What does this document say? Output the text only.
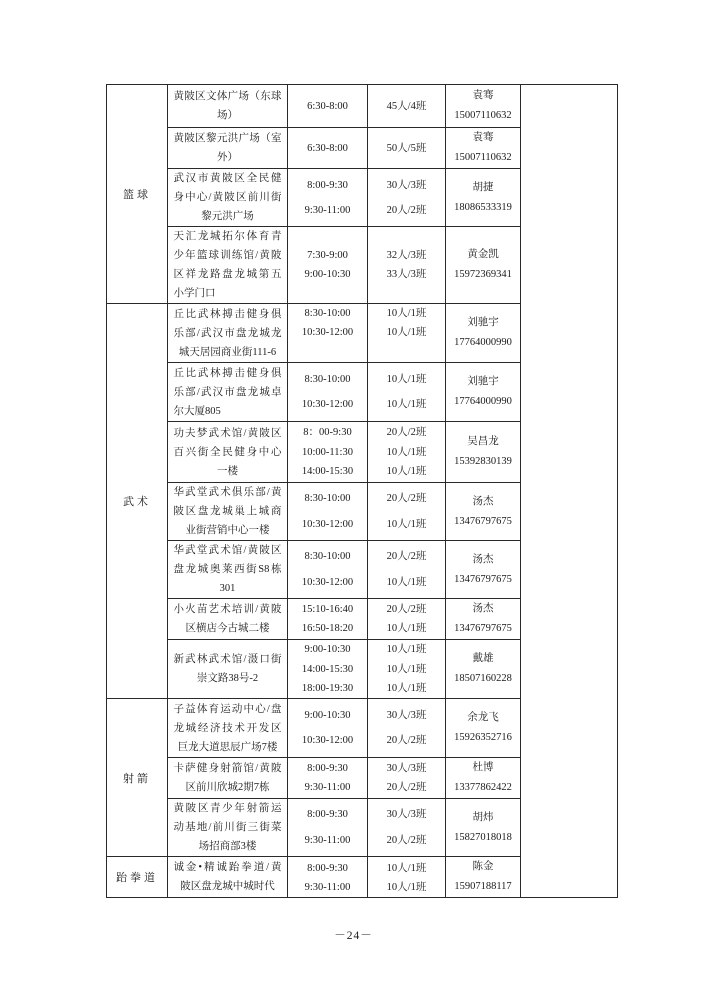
篮球	黄陂区文体广场（东球
场）	6:30-8:00	45人/4班	袁骞
15007110632	

	黄陂区黎元洪广场（室
外）	6:30-8:00	50人/5班	袁骞
15007110632	

	武汉市黄陂区全民健
身中心/黄陂区前川街
黎元洪广场	8:00-9:30
9:30-11:00	30人/3班
20人/2班	胡捷
18086533319	

	天汇龙城拓尔体育青
少年篮球训练馆/黄陂
区祥龙路盘龙城第五
小学门口	7:30-9:00
9:00-10:30	32人/3班
33人/3班	黄金凯
15972369341	

武术	丘比武林搏击健身俱
乐部/武汉市盘龙城龙
城天居园商业街111-6	8:30-10:00
10:30-12:00	10人/1班
10人/1班	刘驰宇
17764000990	

	丘比武林搏击健身俱
乐部/武汉市盘龙城卓
尔大厦805	8:30-10:00
10:30-12:00	10人/1班
10人/1班	刘驰宇
17764000990	

	功夫梦武术馆/黄陂区
百兴街全民健身中心
一楼	8：00-9:30
10:00-11:30
14:00-15:30	20人/2班
10人/1班
10人/1班	吴昌龙
15392830139	

	华武堂武术俱乐部/黄
陂区盘龙城巢上城商
业街营销中心一楼	8:30-10:00
10:30-12:00	20人/2班
10人/1班	汤杰
13476797675	

	华武堂武术馆/黄陂区
盘龙城奥莱西街S8栋
301	8:30-10:00
10:30-12:00	20人/2班
10人/1班	汤杰
13476797675	

	小火苗艺术培训/黄陂
区横店今古城二楼	15:10-16:40
16:50-18:20	20人/2班
10人/1班	汤杰
13476797675	

	新武林武术馆/滠口街
崇文路38号-2	9:00-10:30
14:00-15:30
18:00-19:30	10人/1班
10人/1班
10人/1班	戴雄
18507160228	

射箭	子益体育运动中心/盘
龙城经济技术开发区
巨龙大道思辰广场7楼	9:00-10:30
10:30-12:00	30人/3班
20人/2班	余龙飞
15926352716	

	卡萨健身射箭馆/黄陂
区前川欣城2期7栋	8:00-9:30
9:30-11:00	30人/3班
20人/2班	杜博
13377862422	

	黄陂区青少年射箭运
动基地/前川街三街菜
场招商部3楼	8:00-9:30
9:30-11:00	30人/3班
20人/2班	胡炜
15827018018	

跆拳道	诚金•精诚跆拳道/黄
陂区盘龙城中城时代	8:00-9:30
9:30-11:00	10人/1班
10人/1班	陈金
15907188117	
－24－
